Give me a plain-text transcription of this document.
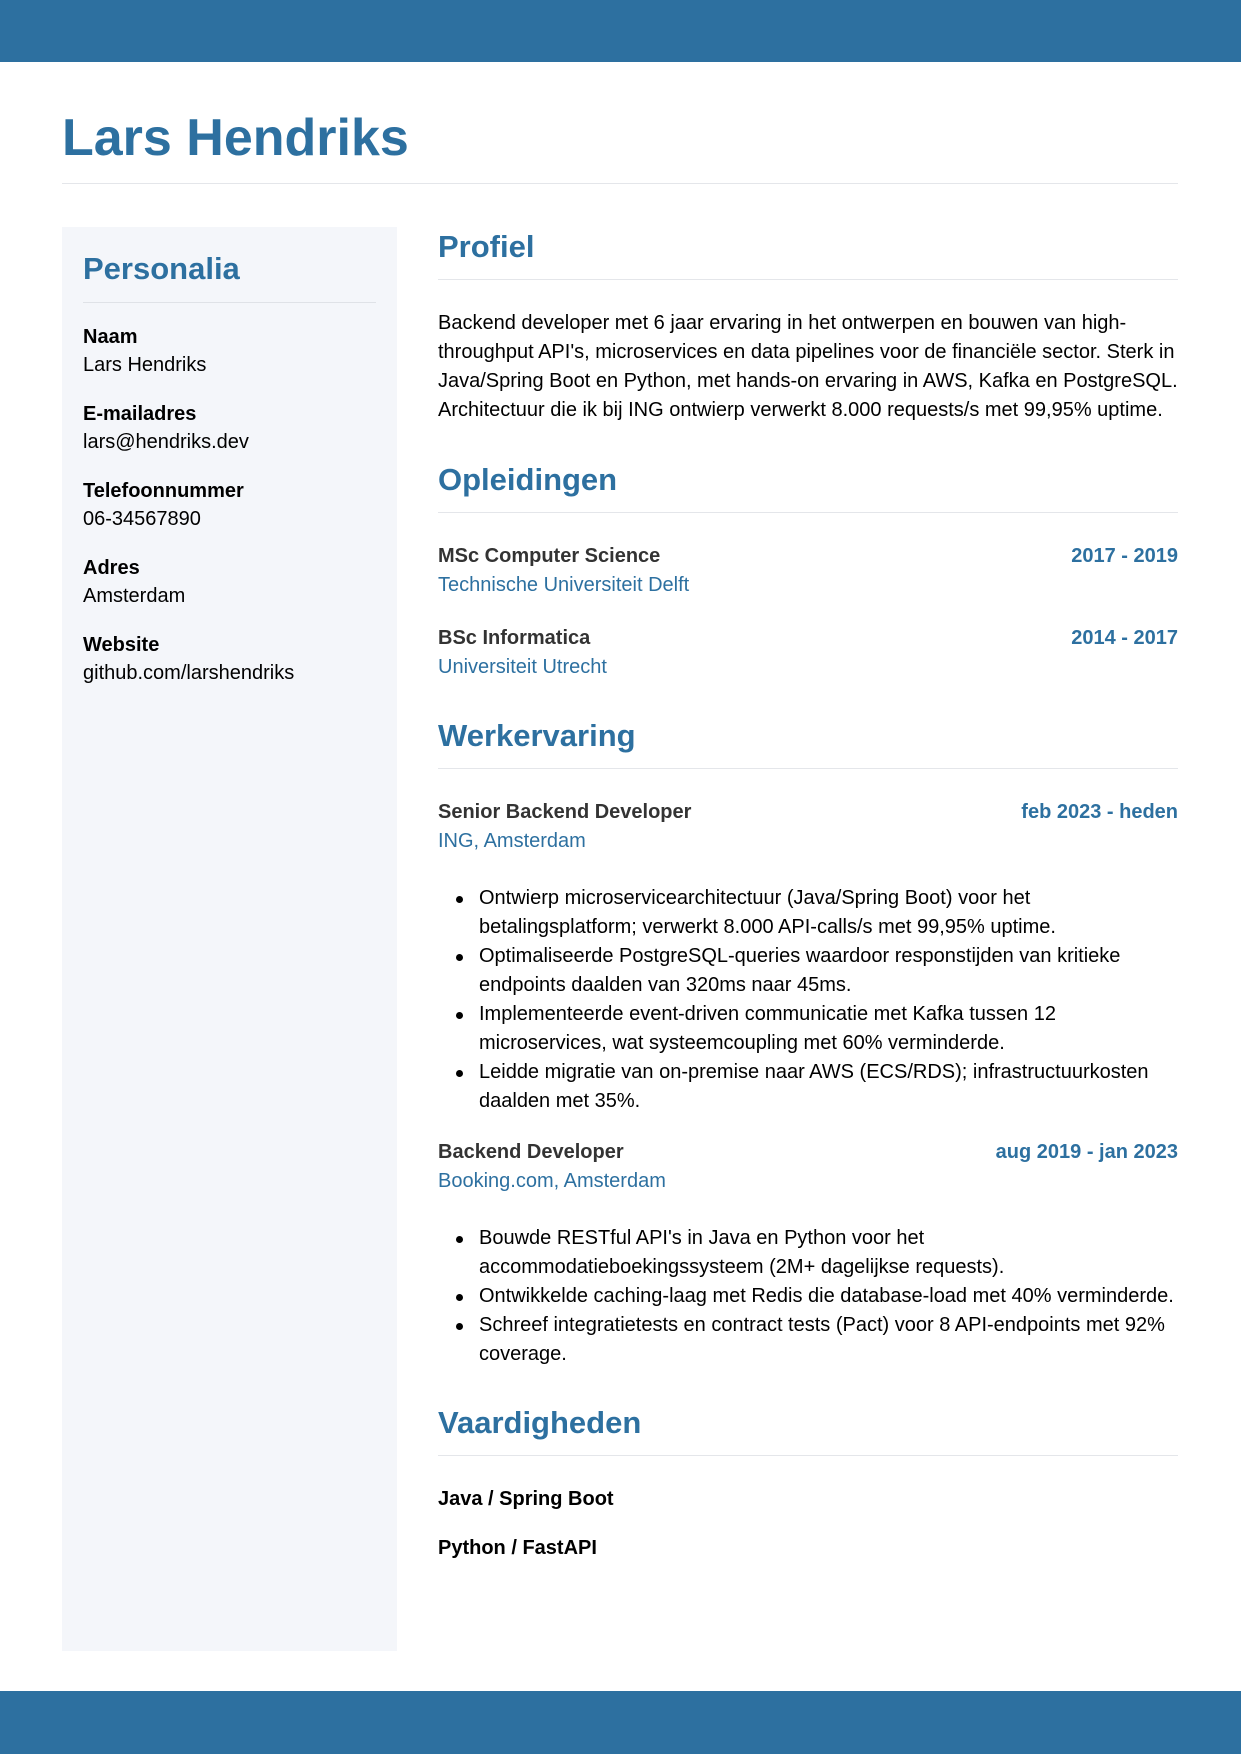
Lars Hendriks
Personalia
Naam
Lars Hendriks
E-mailadres
lars@hendriks.dev
Telefoonnummer
06-34567890
Adres
Amsterdam
Website
github.com/larshendriks
Profiel

Backend developer met 6 jaar ervaring in het ontwerpen en bouwen van high-throughput API's, microservices en data pipelines voor de financiële sector. Sterk in Java/Spring Boot en Python, met hands-on ervaring in AWS, Kafka en PostgreSQL. Architectuur die ik bij ING ontwierp verwerkt 8.000 requests/s met 99,95% uptime.

Opleidingen
MSc Computer Science	2017 - 2019
Technische Universiteit Delft
BSc Informatica	2014 - 2017
Universiteit Utrecht
Werkervaring
Senior Backend Developer	feb 2023 - heden
ING, Amsterdam
Ontwierp microservicearchitectuur (Java/Spring Boot) voor het betalingsplatform; verwerkt 8.000 API-calls/s met 99,95% uptime.
Optimaliseerde PostgreSQL-queries waardoor responstijden van kritieke endpoints daalden van 320ms naar 45ms.
Implementeerde event-driven communicatie met Kafka tussen 12 microservices, wat systeemcoupling met 60% verminderde.
Leidde migratie van on-premise naar AWS (ECS/RDS); infrastructuurkosten daalden met 35%.
Backend Developer	aug 2019 - jan 2023
Booking.com, Amsterdam
Bouwde RESTful API's in Java en Python voor het accommodatieboekingssysteem (2M+ dagelijkse requests).
Ontwikkelde caching-laag met Redis die database-load met 40% verminderde.
Schreef integratietests en contract tests (Pact) voor 8 API-endpoints met 92% coverage.
Vaardigheden
Java / Spring Boot
Python / FastAPI
